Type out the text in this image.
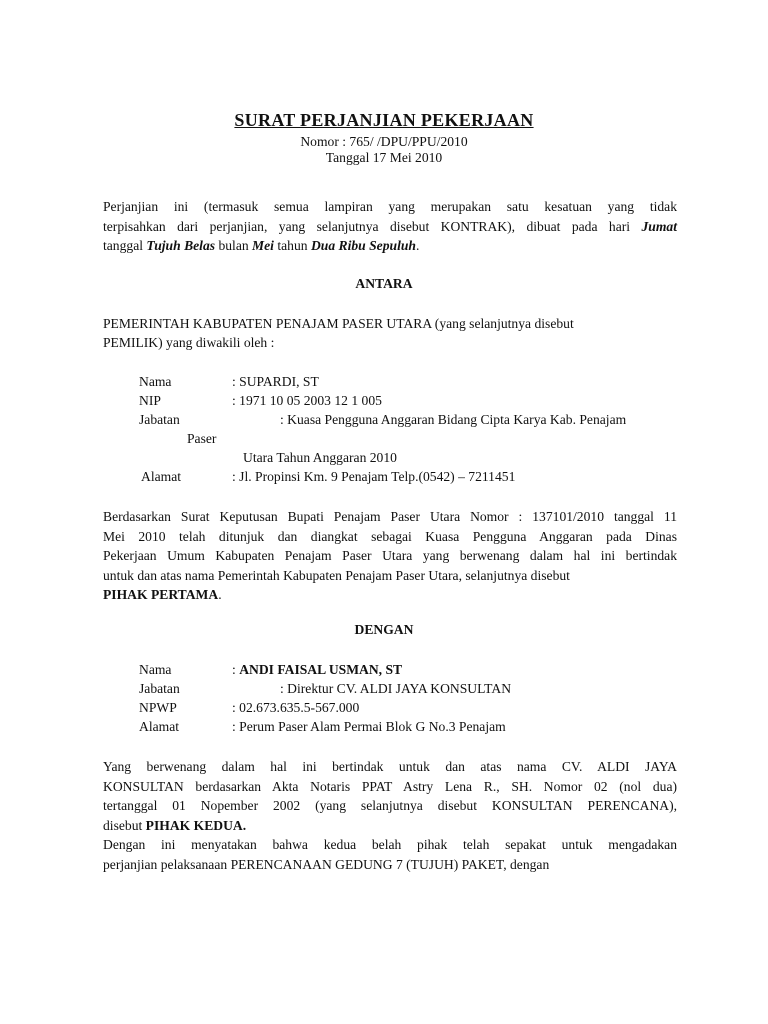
SURAT PERJANJIAN PEKERJAAN
Nomor : 765/ /DPU/PPU/2010
Tanggal 17 Mei 2010
Perjanjian ini (termasuk semua lampiran yang merupakan satu kesatuan yang tidak
terpisahkan dari perjanjian, yang selanjutnya disebut KONTRAK), dibuat pada hari Jumat
tanggal Tujuh Belas bulan Mei tahun Dua Ribu Sepuluh.
ANTARA
PEMERINTAH KABUPATEN PENAJAM PASER UTARA (yang selanjutnya disebut
PEMILIK) yang diwakili oleh :
Nama	: SUPARDI, ST
NIP	: 1971 10 05 2003 12 1 005
Jabatan	: Kuasa Pengguna Anggaran Bidang Cipta Karya Kab. Penajam
Paser
Utara Tahun Anggaran 2010
Alamat	: Jl. Propinsi Km. 9 Penajam Telp.(0542) – 7211451
Berdasarkan Surat Keputusan Bupati Penajam Paser Utara Nomor : 137101/2010 tanggal 11
Mei 2010 telah ditunjuk dan diangkat sebagai Kuasa Pengguna Anggaran pada Dinas
Pekerjaan Umum Kabupaten Penajam Paser Utara yang berwenang dalam hal ini bertindak
untuk dan atas nama Pemerintah Kabupaten Penajam Paser Utara, selanjutnya disebut
PIHAK PERTAMA.
DENGAN
Nama	: ANDI FAISAL USMAN, ST
Jabatan	: Direktur CV. ALDI JAYA KONSULTAN
NPWP	: 02.673.635.5-567.000
Alamat	: Perum Paser Alam Permai Blok G No.3 Penajam
Yang berwenang dalam hal ini bertindak untuk dan atas nama CV. ALDI JAYA
KONSULTAN berdasarkan Akta Notaris PPAT Astry Lena R., SH. Nomor 02 (nol dua)
tertanggal 01 Nopember 2002 (yang selanjutnya disebut KONSULTAN PERENCANA),
disebut PIHAK KEDUA.
Dengan ini menyatakan bahwa kedua belah pihak telah sepakat untuk mengadakan
perjanjian pelaksanaan PERENCANAAN GEDUNG 7 (TUJUH) PAKET, dengan
